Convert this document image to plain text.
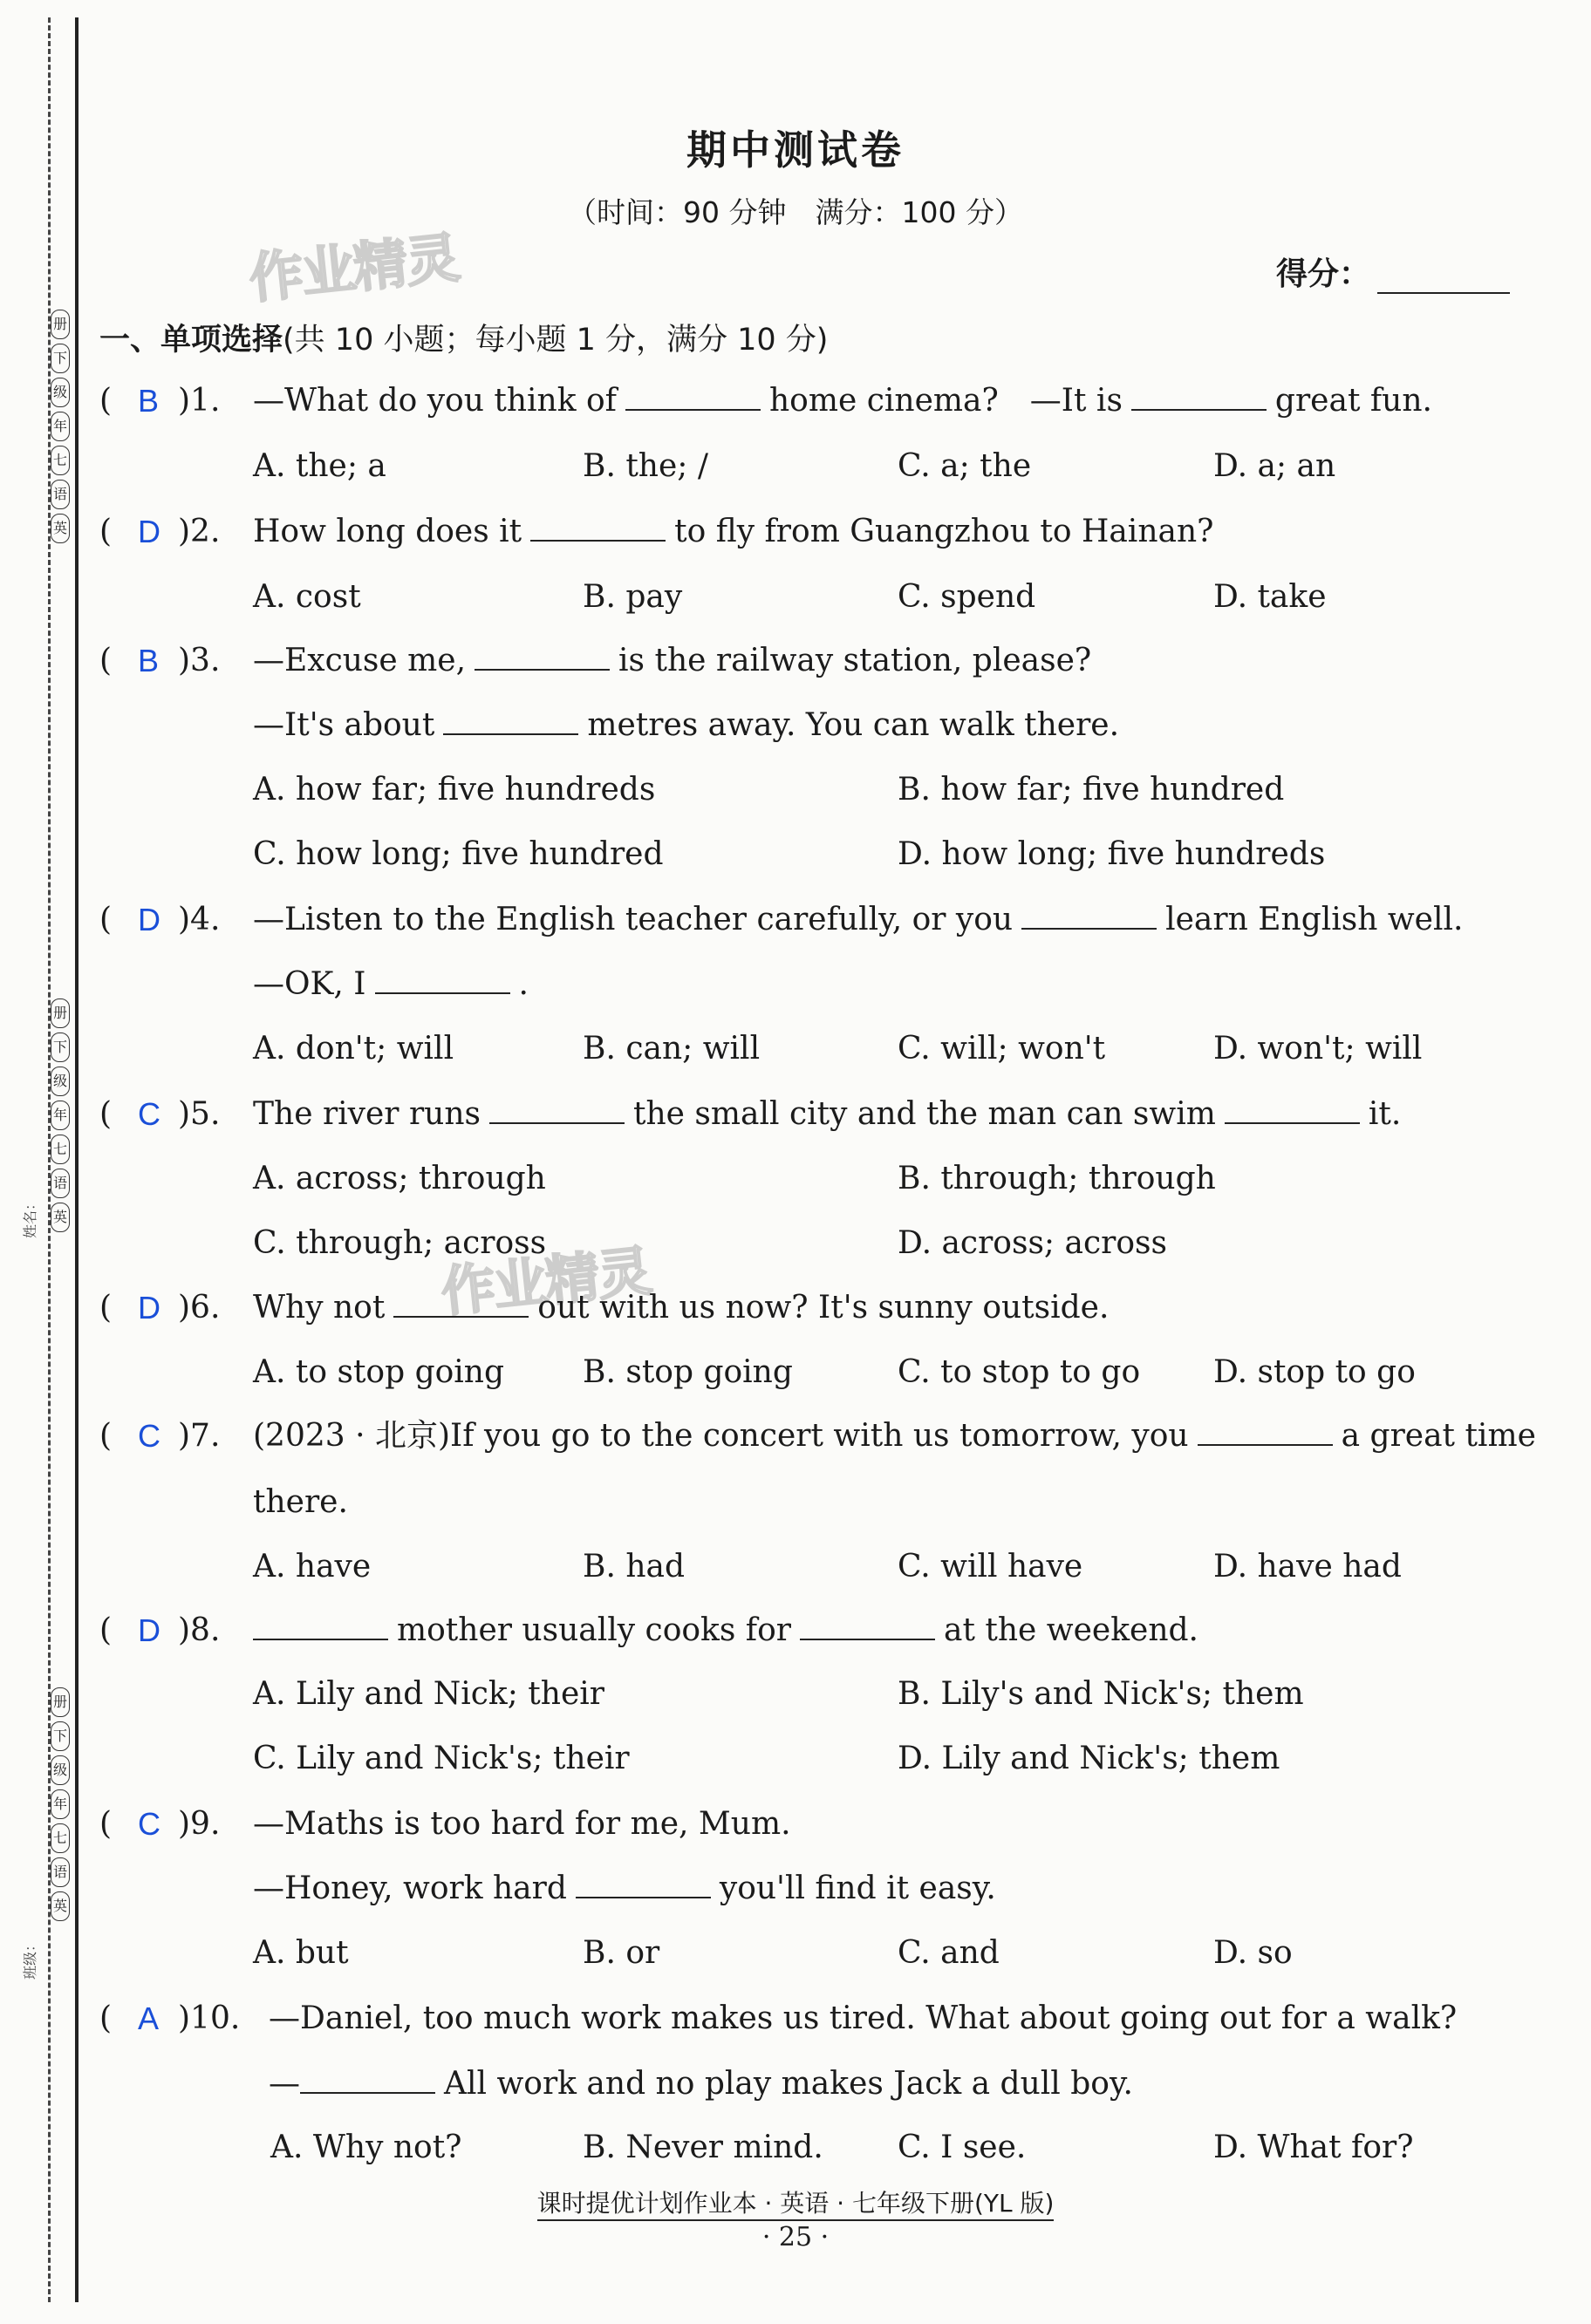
册
下
级
年
七
语
英
册
下
级
年
七
语
英
册
下
级
年
七
语
英
姓名：
班级：
期中测试卷
（时间：90 分钟　满分：100 分）
作业精灵	得分：
一、单项选择(共 10 小题；每小题 1 分，满分 10 分)
( B )1. —What do you think of	home cinema?　—It is	great fun.
A. the; a	B. the; /	C. a; the	D. a; an
( D )2. How long does it	to fly from Guangzhou to Hainan?
A. cost	B. pay	C. spend	D. take
( B )3. —Excuse me,	is the railway station, please?
—It's about	metres away. You can walk there.
A. how far; five hundreds	B. how far; five hundred
C. how long; five hundred	D. how long; five hundreds
( D )4. —Listen to the English teacher carefully, or you	learn English well.
—OK, I	.
A. don't; will	B. can; will	C. will; won't	D. won't; will
( C )5. The river runs	the small city and the man can swim	it.
A. across; through	B. through; through
C. through; across	D. across; across
作业精灵
( D )6. Why not	out with us now? It's sunny outside.
A. to stop going B. stop going	C. to stop to go D. stop to go
( C )7. (2023 · 北京)If you go to the concert with us tomorrow, you	a great time
there.
A. have	B. had	C. will have	D. have had
( D )8.	mother usually cooks for	at the weekend.
A. Lily and Nick; their	B. Lily's and Nick's; them
C. Lily and Nick's; their	D. Lily and Nick's; them
( C )9. —Maths is too hard for me, Mum.
—Honey, work hard	you'll find it easy.
A. but	B. or	C. and	D. so
( A )10. —Daniel, too much work makes us tired. What about going out for a walk?
—	All work and no play makes Jack a dull boy.
A. Why not?	B. Never mind. C. I see.	D. What for?
课时提优计划作业本 · 英语 · 七年级下册(YL 版)
· 25 ·
